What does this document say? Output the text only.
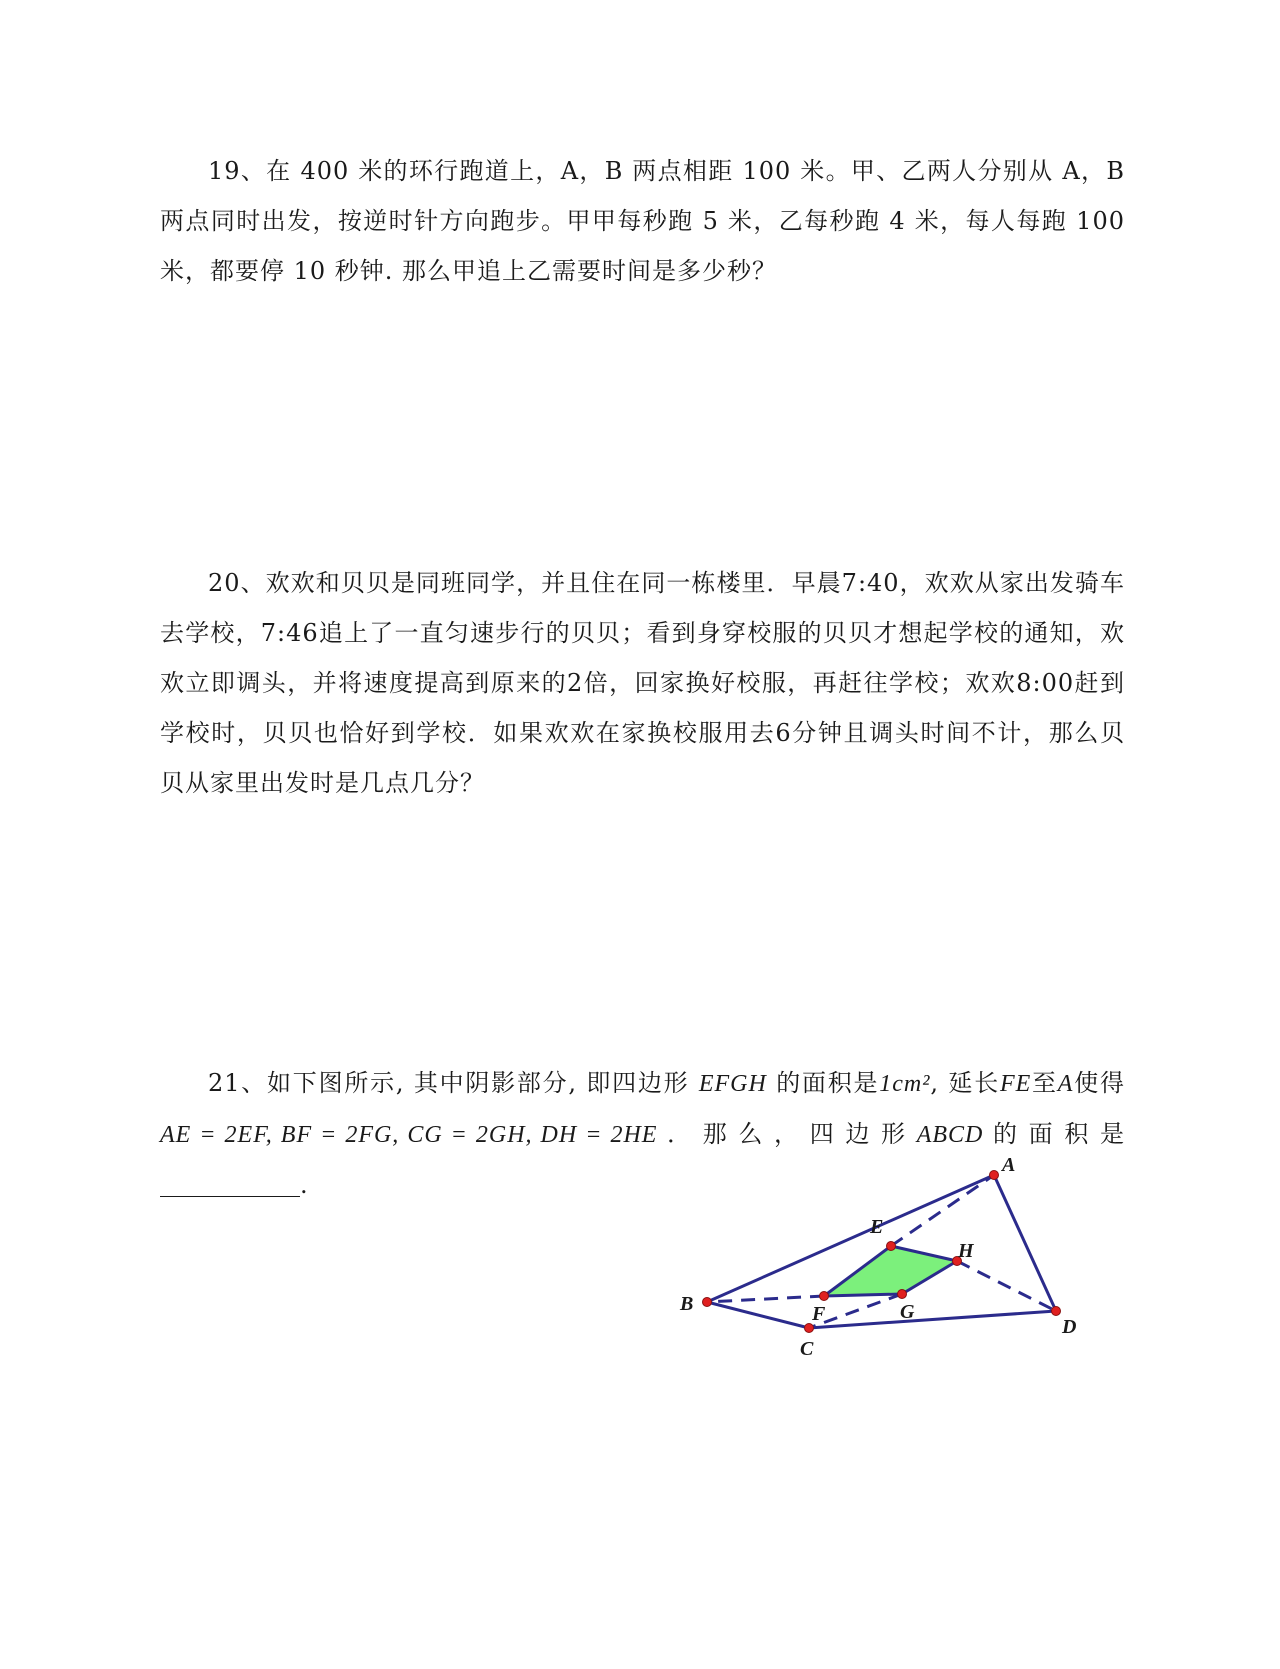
19、在 400 米的环行跑道上，A，B 两点相距 100 米。甲、乙两人分别从 A，B 两点同时出发，按逆时针方向跑步。甲甲每秒跑 5 米，乙每秒跑 4 米，每人每跑 100 米，都要停 10 秒钟. 那么甲追上乙需要时间是多少秒？

20、欢欢和贝贝是同班同学，并且住在同一栋楼里．早晨7:40，欢欢从家出发骑车去学校，7:46追上了一直匀速步行的贝贝；看到身穿校服的贝贝才想起学校的通知，欢欢立即调头，并将速度提高到原来的2倍，回家换好校服，再赶往学校；欢欢8:00赶到学校时，贝贝也恰好到学校．如果欢欢在家换校服用去6分钟且调头时间不计，那么贝贝从家里出发时是几点几分？

21、如下图所示, 其中阴影部分, 即四边形 EFGH 的面积是1cm², 延长FE至A使得 AE = 2EF, BF = 2FG, CG = 2GH, DH = 2HE ． 那 么 ， 四 边 形 ABCD 的 面 积 是.

A
B
C
D
E
F	G
H
